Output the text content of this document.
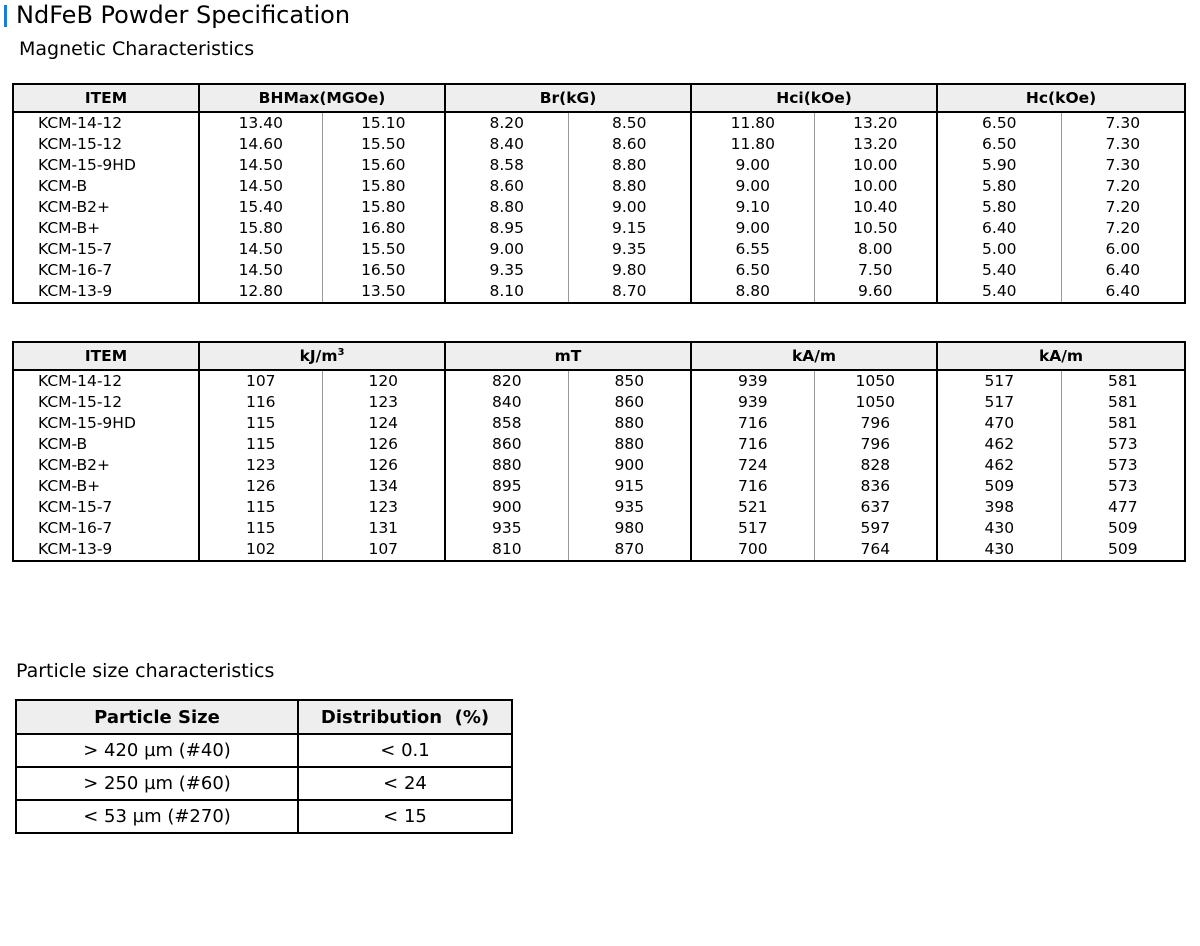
NdFeB Powder Specification
Magnetic Characteristics
ITEM	BHMax(MGOe)		Br(kG)		Hci(kOe)		Hc(kOe)	
KCM-14-12	13.40	15.10	8.20	8.50	11.80	13.20	6.50	7.30
KCM-15-12	14.60	15.50	8.40	8.60	11.80	13.20	6.50	7.30
KCM-15-9HD	14.50	15.60	8.58	8.80	9.00	10.00	5.90	7.30
KCM-B	14.50	15.80	8.60	8.80	9.00	10.00	5.80	7.20
KCM-B2+	15.40	15.80	8.80	9.00	9.10	10.40	5.80	7.20
KCM-B+	15.80	16.80	8.95	9.15	9.00	10.50	6.40	7.20
KCM-15-7	14.50	15.50	9.00	9.35	6.55	8.00	5.00	6.00
KCM-16-7	14.50	16.50	9.35	9.80	6.50	7.50	5.40	6.40
KCM-13-9	12.80	13.50	8.10	8.70	8.80	9.60	5.40	6.40
ITEM	$kJ/m^3$		mT		kA/m		kA/m	
KCM-14-12	107	120	820	850	939	1050	517	581
KCM-15-12	116	123	840	860	939	1050	517	581
KCM-15-9HD	115	124	858	880	716	796	470	581
KCM-B	115	126	860	880	716	796	462	573
KCM-B2+	123	126	880	900	724	828	462	573
KCM-B+	126	134	895	915	716	836	509	573
KCM-15-7	115	123	900	935	521	637	398	477
KCM-16-7	115	131	935	980	517	597	430	509
KCM-13-9	102	107	810	870	700	764	430	509
Particle size characteristics
Particle Size	Distribution  (%)
> 420 µm (#40)	< 0.1
> 250 µm (#60)	< 24
< 53 µm (#270)	< 15
